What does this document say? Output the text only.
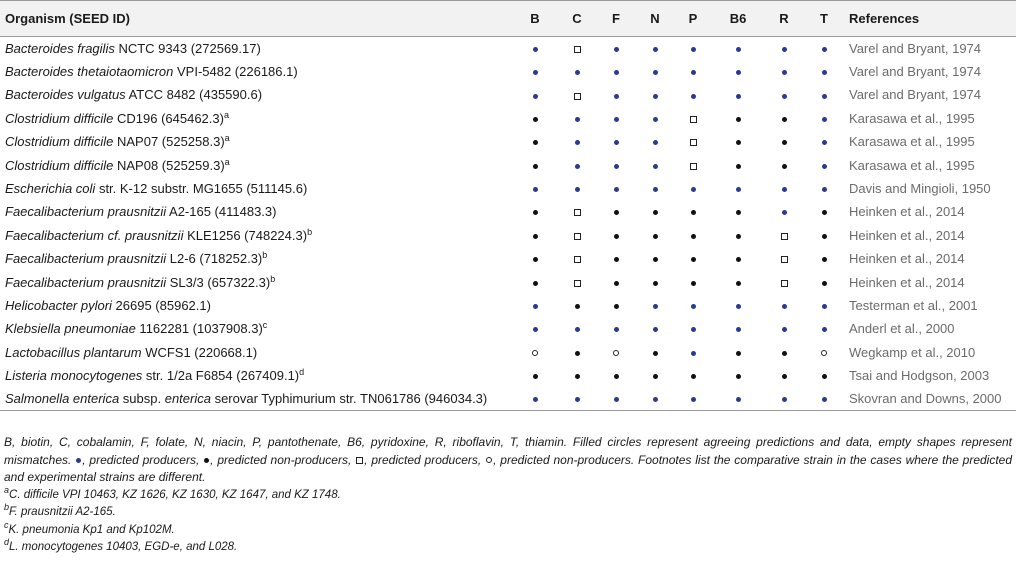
Organism (SEED ID)	B	C	F	N	P	B6	R	T	References
Bacteroides fragilis NCTC 9343 (272569.17)									Varel and Bryant, 1974
Bacteroides thetaiotaomicron VPI-5482 (226186.1)									Varel and Bryant, 1974
Bacteroides vulgatus ATCC 8482 (435590.6)									Varel and Bryant, 1974
Clostridium difficile CD196 $(645462.3)^a$									Karasawa et al., 1995
Clostridium difficile NAP07 $(525258.3)^a$									Karasawa et al., 1995
Clostridium difficile NAP08 $(525259.3)^a$									Karasawa et al., 1995
Escherichia coli str. K-12 substr. MG1655 (511145.6)									Davis and Mingioli, 1950
Faecalibacterium prausnitzii A2-165 (411483.3)									Heinken et al., 2014
Faecalibacterium cf. prausnitzii KLE1256 $(748224.3)^b$									Heinken et al., 2014
Faecalibacterium prausnitzii L2-6 $(718252.3)^b$									Heinken et al., 2014
Faecalibacterium prausnitzii SL3/3 $(657322.3)^b$									Heinken et al., 2014
Helicobacter pylori 26695 (85962.1)									Testerman et al., 2001
Klebsiella pneumoniae 1162281 $(1037908.3)^c$									Anderl et al., 2000
Lactobacillus plantarum WCFS1 (220668.1)									Wegkamp et al., 2010
Listeria monocytogenes str. 1/2a F6854 $(267409.1)^d$									Tsai and Hodgson, 2003
Salmonella enterica subsp. enterica serovar Typhimurium str. TN061786 (946034.3)									Skovran and Downs, 2000

B, biotin, C, cobalamin, F, folate, N, niacin, P, pantothenate, B6, pyridoxine, R, riboflavin, T, thiamin. Filled circles represent agreeing predictions and data, empty shapes represent mismatches. , predicted producers, , predicted non-producers, , predicted producers, , predicted non-producers. Footnotes list the comparative strain in the cases where the predicted and experimental strains are different.

$^a$C. difficile VPI 10463, KZ 1626, KZ 1630, KZ 1647, and KZ 1748.

$^b$F. prausnitzii A2-165.

$^c$K. pneumonia Kp1 and Kp102M.

$^d$L. monocytogenes 10403, EGD-e, and L028.
